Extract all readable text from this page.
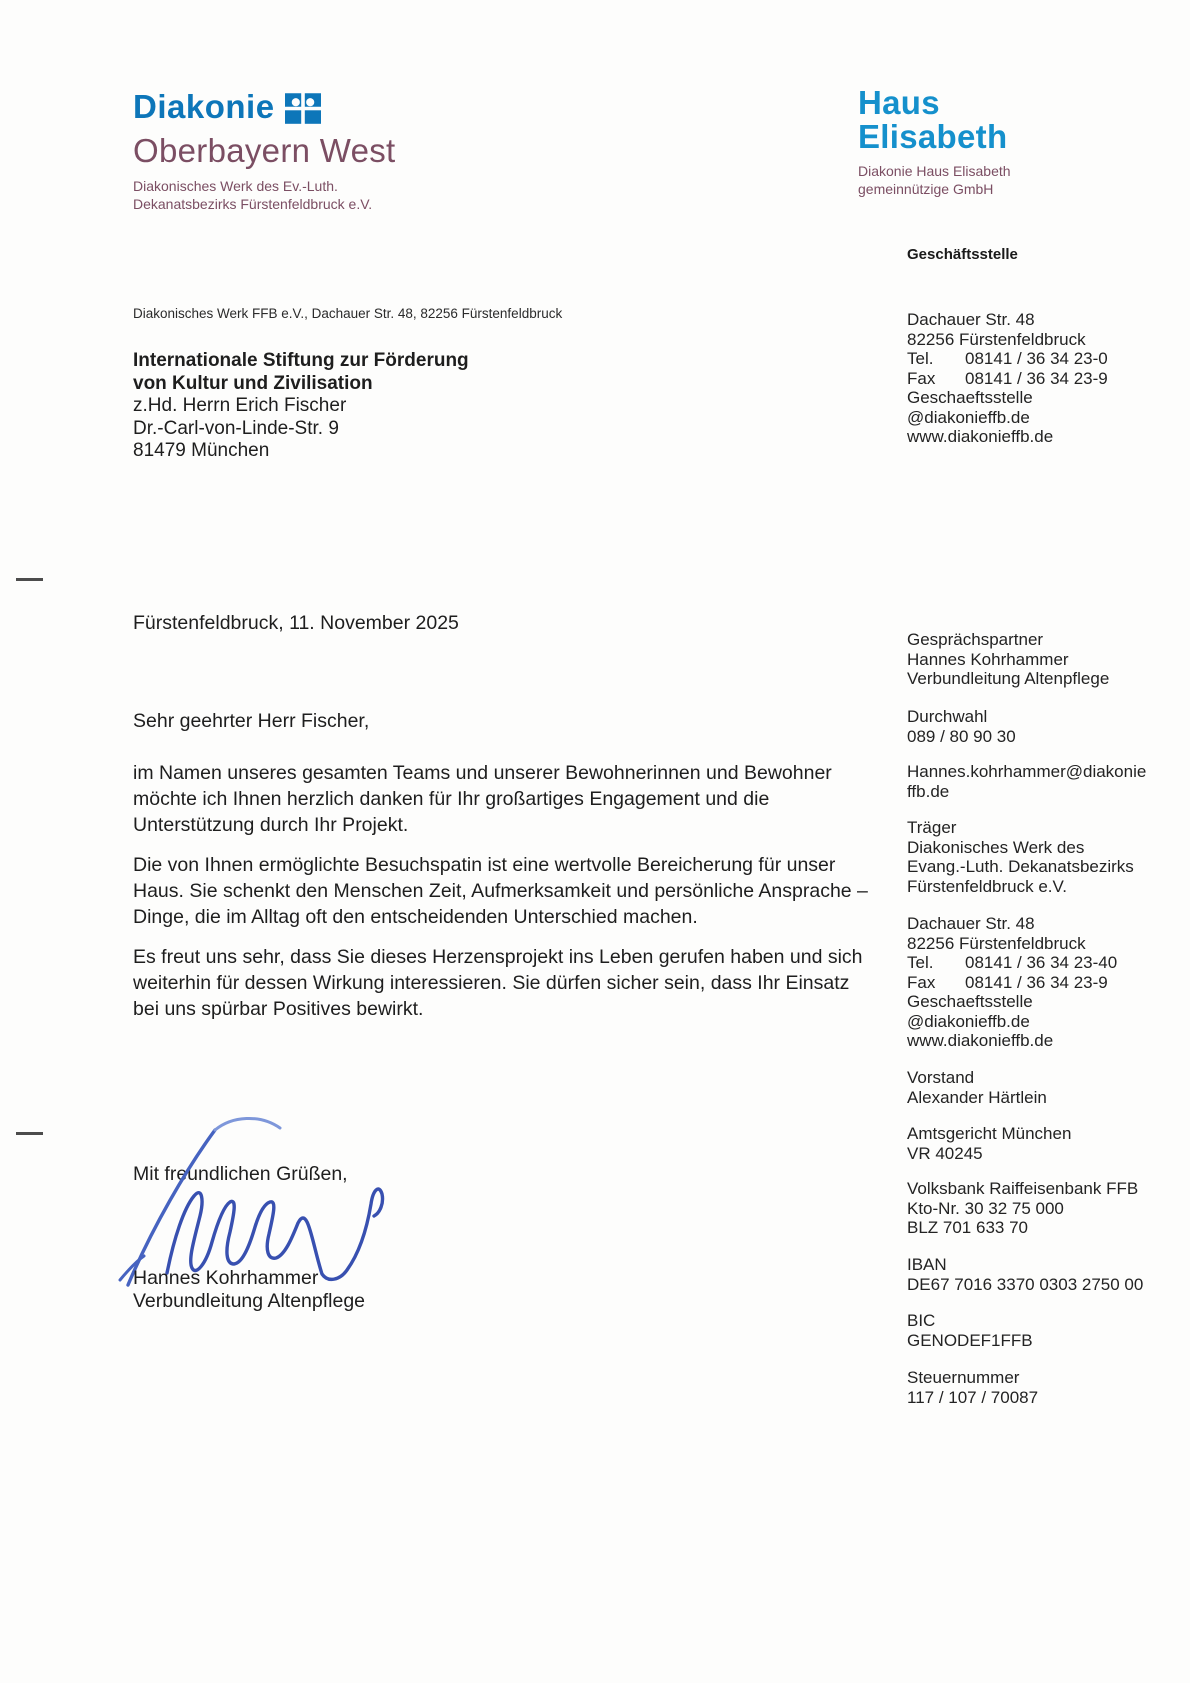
Diakonie
Oberbayern West
Diakonisches Werk des Ev.-Luth.
Dekanatsbezirks Fürstenfeldbruck e.V.
Haus
Elisabeth
Diakonie Haus Elisabeth
gemeinnützige GmbH
Geschäftsstelle
Diakonisches Werk FFB e.V., Dachauer Str. 48, 82256 Fürstenfeldbruck
Internationale Stiftung zur Förderung
von Kultur und Zivilisation
z.Hd. Herrn Erich Fischer
Dr.-Carl-von-Linde-Str. 9
81479 München
Fürstenfeldbruck, 11. November 2025
Sehr geehrter Herr Fischer,
im Namen unseres gesamten Teams und unserer Bewohnerinnen und Bewohner
möchte ich Ihnen herzlich danken für Ihr großartiges Engagement und die
Unterstützung durch Ihr Projekt.
Die von Ihnen ermöglichte Besuchspatin ist eine wertvolle Bereicherung für unser
Haus. Sie schenkt den Menschen Zeit, Aufmerksamkeit und persönliche Ansprache –
Dinge, die im Alltag oft den entscheidenden Unterschied machen.
Es freut uns sehr, dass Sie dieses Herzensprojekt ins Leben gerufen haben und sich
weiterhin für dessen Wirkung interessieren. Sie dürfen sicher sein, dass Ihr Einsatz
bei uns spürbar Positives bewirkt.
Mit freundlichen Grüßen,
Hannes Kohrhammer
Verbundleitung Altenpflege
Dachauer Str. 48
82256 Fürstenfeldbruck
Tel.	08141 / 36 34 23-0
Fax	08141 / 36 34 23-9
Geschaeftsstelle
@diakonieffb.de
www.diakonieffb.de
Gesprächspartner
Hannes Kohrhammer
Verbundleitung Altenpflege
Durchwahl
089 / 80 90 30
Hannes.kohrhammer@diakonie
ffb.de
Träger
Diakonisches Werk des
Evang.-Luth. Dekanatsbezirks
Fürstenfeldbruck e.V.
Dachauer Str. 48
82256 Fürstenfeldbruck
Tel.	08141 / 36 34 23-40
Fax	08141 / 36 34 23-9
Geschaeftsstelle
@diakonieffb.de
www.diakonieffb.de
Vorstand
Alexander Härtlein
Amtsgericht München
VR 40245
Volksbank Raiffeisenbank FFB
Kto-Nr. 30 32 75 000
BLZ 701 633 70
IBAN
DE67 7016 3370 0303 2750 00
BIC
GENODEF1FFB
Steuernummer
117 / 107 / 70087
